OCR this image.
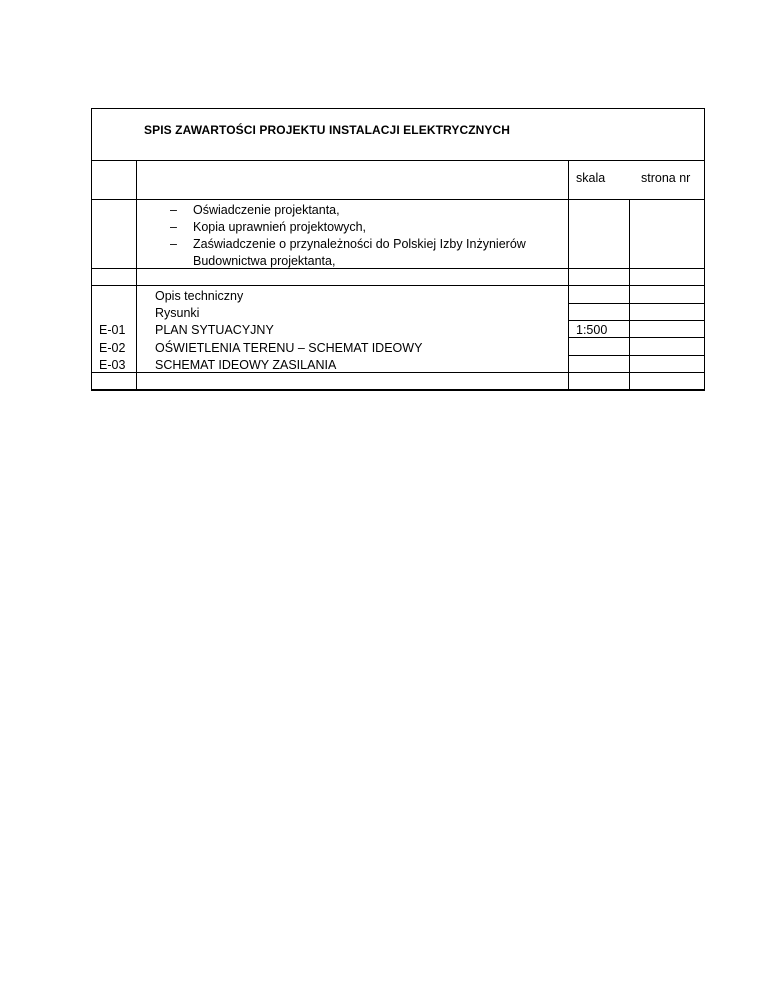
SPIS ZAWARTOŚCI PROJEKTU INSTALACJI ELEKTRYCZNYCH
skala	strona nr
– Oświadczenie projektanta,
– Kopia uprawnień projektowych,
– Zaświadczenie o przynależności do Polskiej Izby Inżynierów
Budownictwa projektanta,
Opis techniczny
Rysunki
E-01 PLAN SYTUACYJNY	1:500
E-02 OŚWIETLENIA TERENU – SCHEMAT IDEOWY
E-03 SCHEMAT IDEOWY ZASILANIA
